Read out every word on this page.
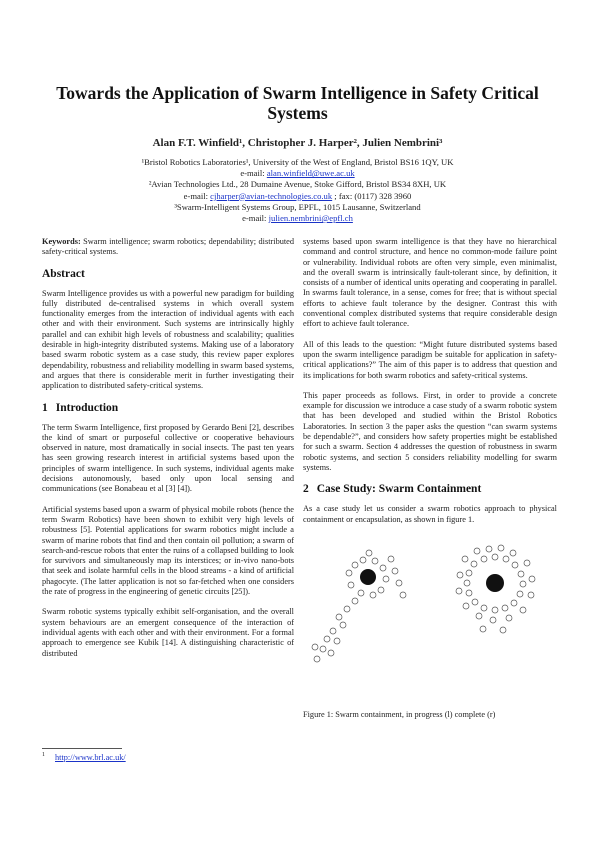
Towards the Application of Swarm Intelligence in Safety Critical Systems
Alan F.T. Winfield¹, Christopher J. Harper², Julien Nembrini³
¹Bristol Robotics Laboratories¹, University of the West of England, Bristol BS16 1QY, UK
e-mail: alan.winfield@uwe.ac.uk
²Avian Technologies Ltd., 28 Dumaine Avenue, Stoke Gifford, Bristol BS34 8XH, UK
e-mail: cjharper@avian-technologies.co.uk ; fax: (0117) 328 3960
³Swarm-Intelligent Systems Group, EPFL, 1015 Lausanne, Switzerland
e-mail: julien.nembrini@epfl.ch

Keywords: Swarm intelligence; swarm robotics; dependability; distributed safety-critical systems.

Abstract

Swarm Intelligence provides us with a powerful new paradigm for building fully distributed de-centralised systems in which overall system functionality emerges from the interaction of individual agents with each other and with their environment. Such systems are intrinsically highly parallel and can exhibit high levels of robustness and scalability; qualities desirable in high-integrity distributed systems. Making use of a laboratory based swarm robotic system as a case study, this review paper explores dependability, robustness and reliability modelling in swarm based systems, and argues that there is considerable merit in further investigating their application to distributed safety-critical systems.

1 Introduction

The term Swarm Intelligence, first proposed by Gerardo Beni [2], describes the kind of smart or purposeful collective or cooperative behaviours observed in nature, most dramatically in social insects. The past ten years has seen growing research interest in artificial systems based upon the principles of swarm intelligence. In such systems, individual agents make decisions autonomously, based only upon local sensing and communications (see Bonabeau et al [3] [4]).

Artificial systems based upon a swarm of physical mobile robots (hence the term Swarm Robotics) have been shown to exhibit very high levels of robustness [5]. Potential applications for swarm robotics might include a swarm of marine robots that find and then contain oil pollution; a swarm of search-and-rescue robots that enter the ruins of a collapsed building to look for survivors and simultaneously map its interstices; or in-vivo nano-bots that seek and isolate harmful cells in the blood streams - a kind of artificial phagocyte. (The latter application is not so far-fetched when one considers the rate of progress in the engineering of genetic circuits [25]).

Swarm robotic systems typically exhibit self-organisation, and the overall system behaviours are an emergent consequence of the interaction of individual agents with each other and with their environment. For a formal approach to emergence see Kubik [14]. A distinguishing characteristic of distributed

systems based upon swarm intelligence is that they have no hierarchical command and control structure, and hence no common-mode failure point or vulnerability. Individual robots are often very simple, even minimalist, and the overall swarm is intrinsically fault-tolerant since, by definition, it consists of a number of identical units operating and cooperating in parallel. In swarms fault tolerance, in a sense, comes for free; that is without special efforts to achieve fault tolerance by the designer. Contrast this with conventional complex distributed systems that require considerable design effort to achieve fault tolerance.

All of this leads to the question: “Might future distributed systems based upon the swarm intelligence paradigm be suitable for application in safety-critical applications?” The aim of this paper is to address that question and its implications for both swarm robotics and safety-critical systems.

This paper proceeds as follows. First, in order to provide a concrete example for discussion we introduce a case study of a swarm robotic system that has been developed and studied within the Bristol Robotics Laboratories. In section 3 the paper asks the question “can swarm systems be dependable?”, and considers how safety properties might be established for such a swarm. Section 4 addresses the question of robustness in swarm robotic systems, and section 5 considers reliability modelling for swarm systems.

2 Case Study: Swarm Containment

As a case study let us consider a swarm robotics approach to physical containment or encapsulation, as shown in figure 1.

Figure 1: Swarm containment, in progress (l) complete (r)

$^1$ http://www.brl.ac.uk/
